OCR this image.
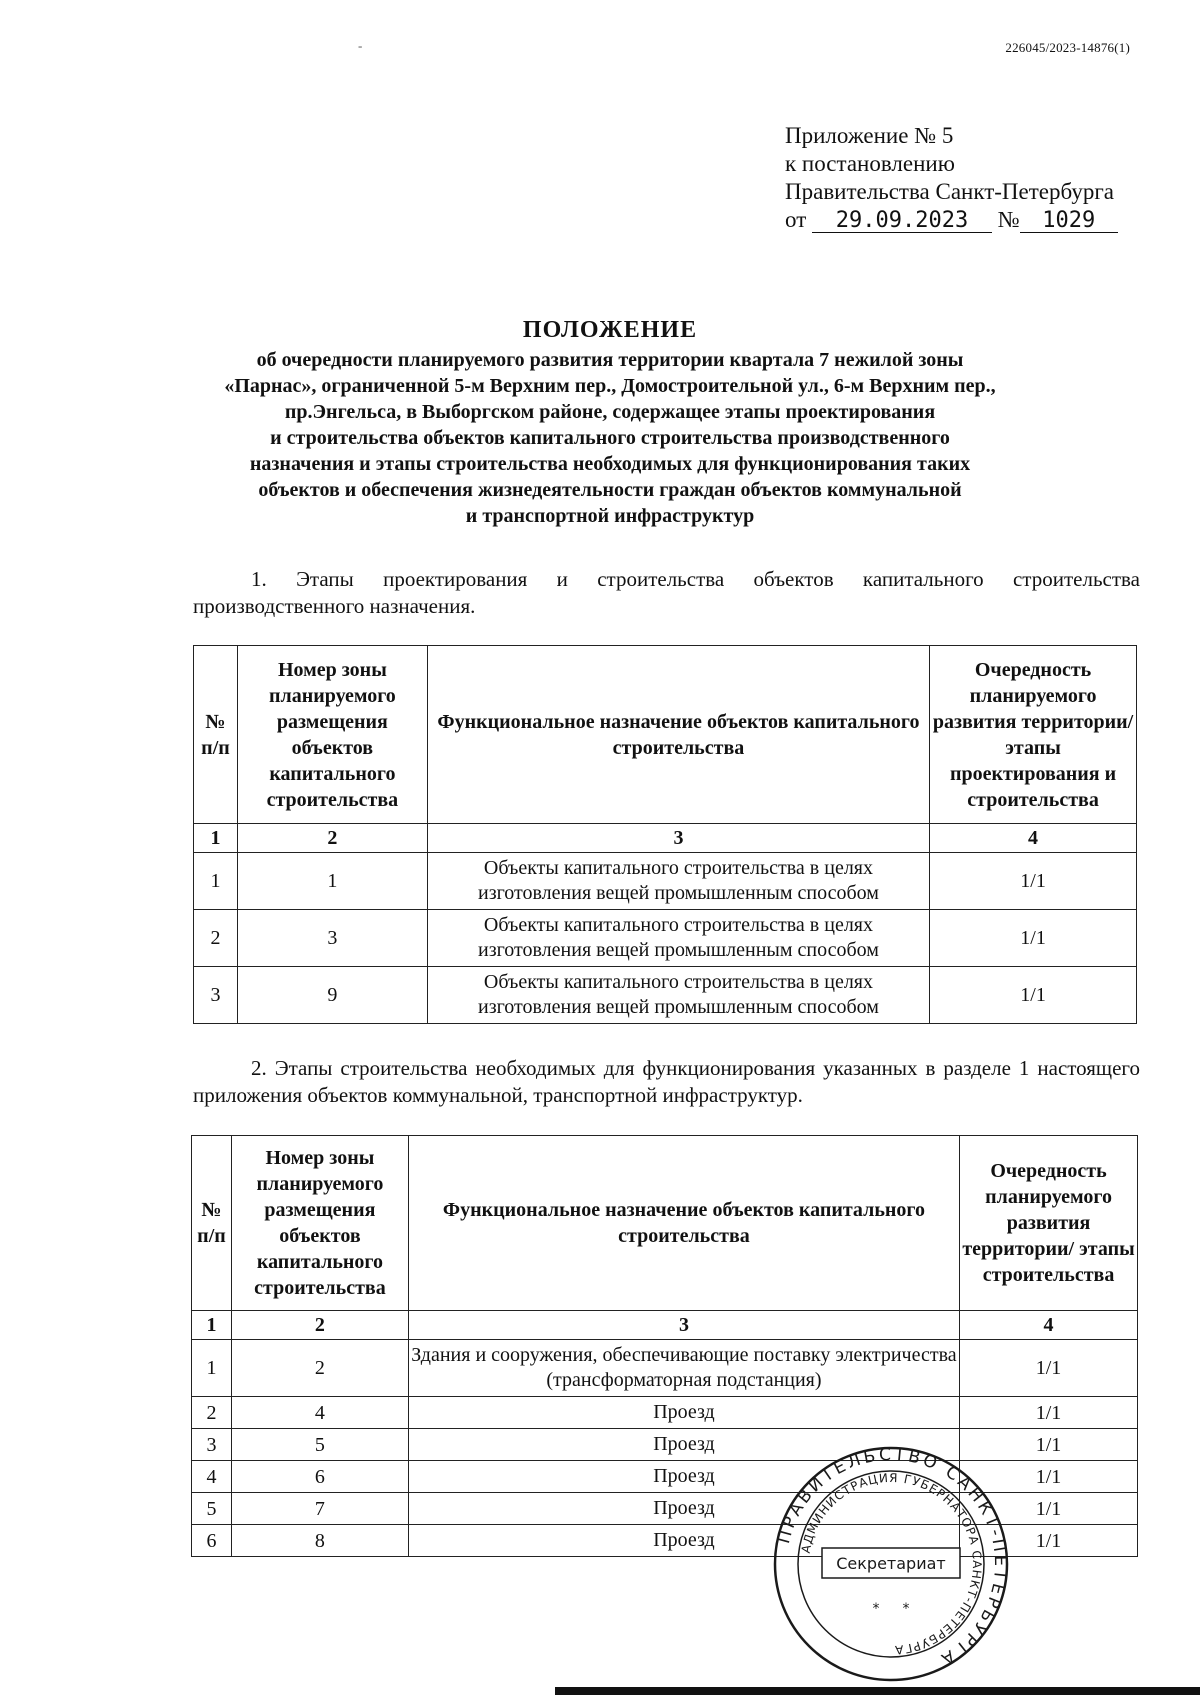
226045/2023-14876(1)
-
Приложение № 5
к постановлению
Правительства Санкт-Петербурга
от 29.09.2023 № 1029
ПОЛОЖЕНИЕ
об очередности планируемого развития территории квартала 7 нежилой зоны
«Парнас», ограниченной 5-м Верхним пер., Домостроительной ул., 6-м Верхним пер.,
пр.Энгельса, в Выборгском районе, содержащее этапы проектирования
и строительства объектов капитального строительства производственного
назначения и этапы строительства необходимых для функционирования таких
объектов и обеспечения жизнедеятельности граждан объектов коммунальной
и транспортной инфраструктур
1. Этапы проектирования и строительства объектов капитального строительства производственного назначения.
№ п/п	Номер зоны планируемого размещения объектов капитального строительства	Функциональное назначение объектов капитального строительства	Очередность планируемого развития территории/этапы проектирования и строительства
1	2	3	4
1	1	Объекты капитального строительства в целях изготовления вещей промышленным способом	1/1
2	3	Объекты капитального строительства в целях изготовления вещей промышленным способом	1/1
3	9	Объекты капитального строительства в целях изготовления вещей промышленным способом	1/1
2. Этапы строительства необходимых для функционирования указанных в разделе 1 настоящего приложения объектов коммунальной, транспортной инфраструктур.
№ п/п	Номер зоны планируемого размещения объектов капитального строительства	Функциональное назначение объектов капитального строительства	Очередность планируемого развития территории/ этапы строительства
1	2	3	4
1	2	Здания и сооружения, обеспечивающие поставку электричества (трансформаторная подстанция)	1/1
2	4	Проезд	1/1
3	5	Проезд	1/1
4	6	Проезд	1/1
5	7	Проезд	1/1
6	8	Проезд	1/1
ПРАВИТЕЛЬСТВО САНКТ-ПЕТЕРБУРГА
АДМИНИСТРАЦИЯ ГУБЕРНАТОРА САНКТ-ПЕТЕРБУРГА
Секретариат
* *
